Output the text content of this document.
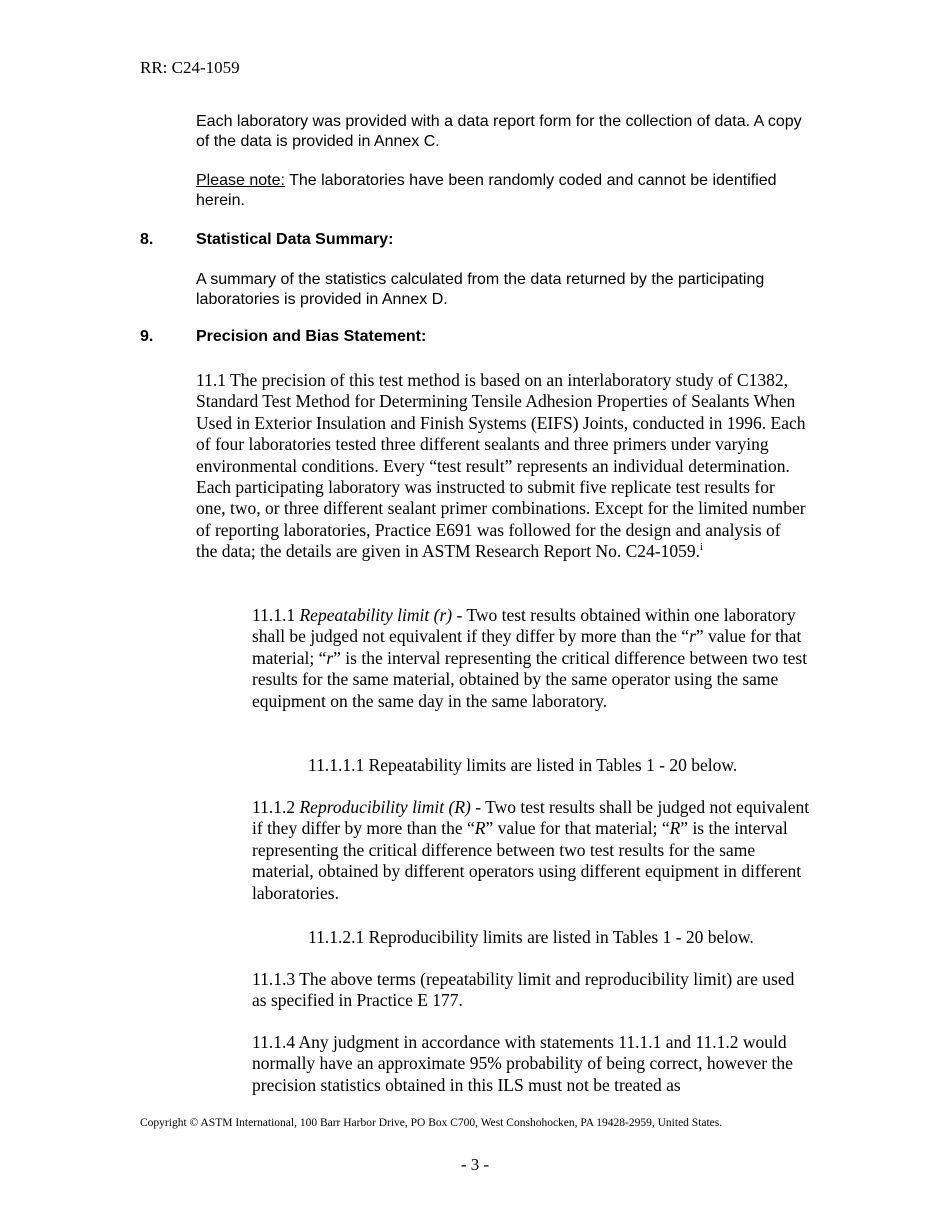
RR: C24-1059
Each laboratory was provided with a data report form for the collection of data. A copy of the data is provided in Annex C.
Please note: The laboratories have been randomly coded and cannot be identified herein.
8.	Statistical Data Summary:
A summary of the statistics calculated from the data returned by the participating laboratories is provided in Annex D.
9.	Precision and Bias Statement:
11.1 The precision of this test method is based on an interlaboratory study of C1382, Standard Test Method for Determining Tensile Adhesion Properties of Sealants When Used in Exterior Insulation and Finish Systems (EIFS) Joints, conducted in 1996. Each of four laboratories tested three different sealants and three primers under varying environmental conditions. Every “test result” represents an individual determination. Each participating laboratory was instructed to submit five replicate test results for one, two, or three different sealant primer combinations. Except for the limited number of reporting laboratories, Practice E691 was followed for the design and analysis of the data; the details are given in ASTM Research Report No. C24-1059.$^i$
11.1.1 Repeatability limit (r) - Two test results obtained within one laboratory shall be judged not equivalent if they differ by more than the “r” value for that material; “r” is the interval representing the critical difference between two test results for the same material, obtained by the same operator using the same equipment on the same day in the same laboratory.
11.1.1.1 Repeatability limits are listed in Tables 1 - 20 below.
11.1.2 Reproducibility limit (R) - Two test results shall be judged not equivalent if they differ by more than the “R” value for that material; “R” is the interval representing the critical difference between two test results for the same material, obtained by different operators using different equipment in different laboratories.
11.1.2.1 Reproducibility limits are listed in Tables 1 - 20 below.
11.1.3 The above terms (repeatability limit and reproducibility limit) are used as specified in Practice E 177.
11.1.4 Any judgment in accordance with statements 11.1.1 and 11.1.2 would normally have an approximate 95% probability of being correct, however the precision statistics obtained in this ILS must not be treated as
Copyright © ASTM International, 100 Barr Harbor Drive, PO Box C700, West Conshohocken, PA 19428-2959, United States.
- 3 -
